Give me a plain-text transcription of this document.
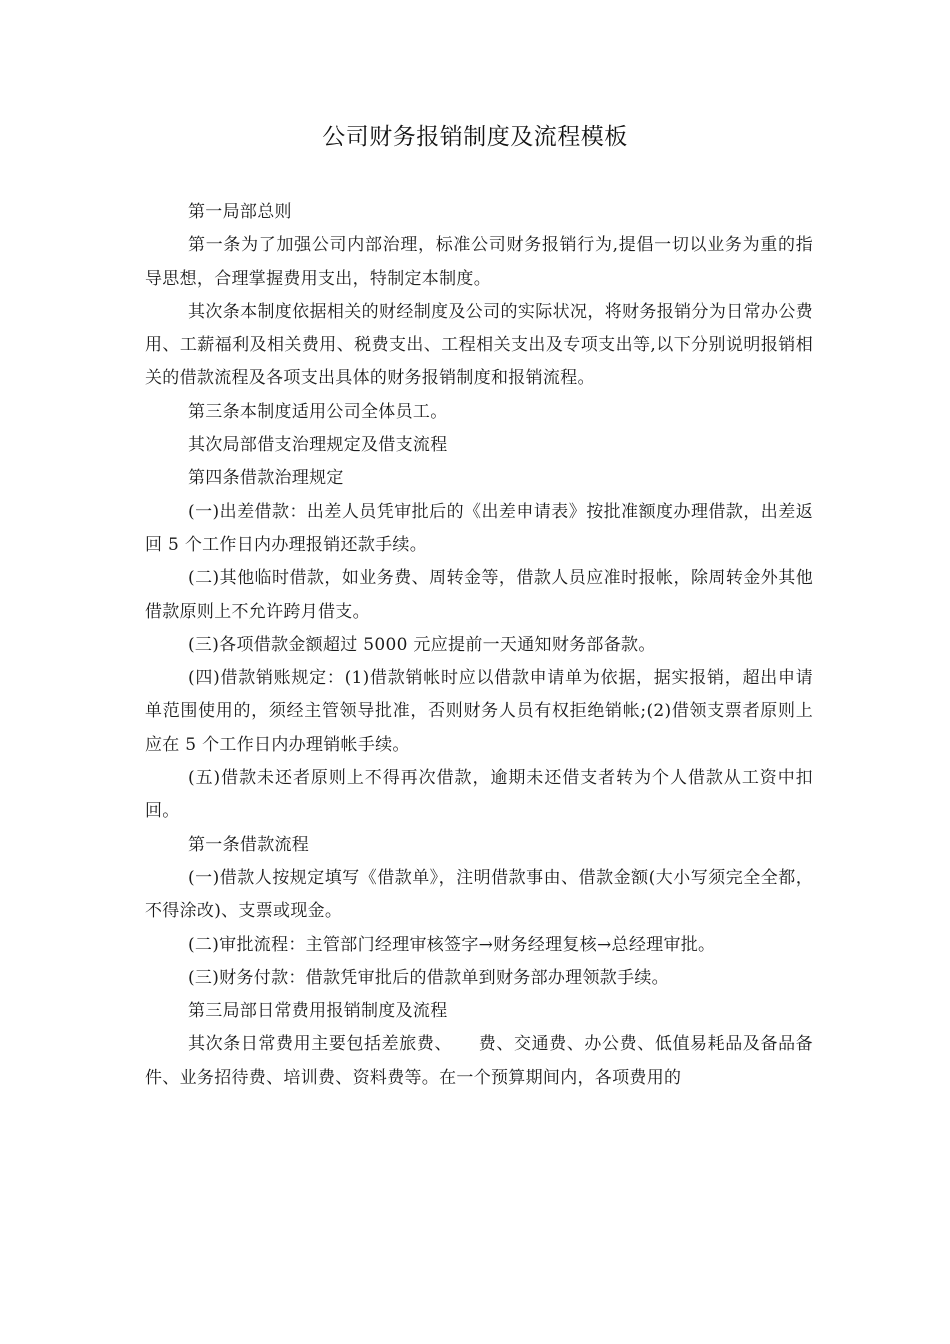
公司财务报销制度及流程模板

第一局部总则

第一条为了加强公司内部治理，标准公司财务报销行为,提倡一切以业务为重的指导思想，合理掌握费用支出，特制定本制度。

其次条本制度依据相关的财经制度及公司的实际状况，将财务报销分为日常办公费用、工薪福利及相关费用、税费支出、工程相关支出及专项支出等,以下分别说明报销相关的借款流程及各项支出具体的财务报销制度和报销流程。

第三条本制度适用公司全体员工。

其次局部借支治理规定及借支流程

第四条借款治理规定

(一)出差借款：出差人员凭审批后的《出差申请表》按批准额度办理借款，出差返回 5 个工作日内办理报销还款手续。

(二)其他临时借款，如业务费、周转金等，借款人员应准时报帐，除周转金外其他借款原则上不允许跨月借支。

(三)各项借款金额超过 5000 元应提前一天通知财务部备款。

(四)借款销账规定：(1)借款销帐时应以借款申请单为依据，据实报销，超出申请单范围使用的，须经主管领导批准，否则财务人员有权拒绝销帐;(2)借领支票者原则上应在 5 个工作日内办理销帐手续。

(五)借款未还者原则上不得再次借款，逾期未还借支者转为个人借款从工资中扣回。

第一条借款流程

(一)借款人按规定填写《借款单》，注明借款事由、借款金额(大小写须完全全都，不得涂改)、支票或现金。

(二)审批流程：主管部门经理审核签字→财务经理复核→总经理审批。

(三)财务付款：借款凭审批后的借款单到财务部办理领款手续。

第三局部日常费用报销制度及流程

其次条日常费用主要包括差旅费、　　费、交通费、办公费、低值易耗品及备品备件、业务招待费、培训费、资料费等。在一个预算期间内，各项费用的
